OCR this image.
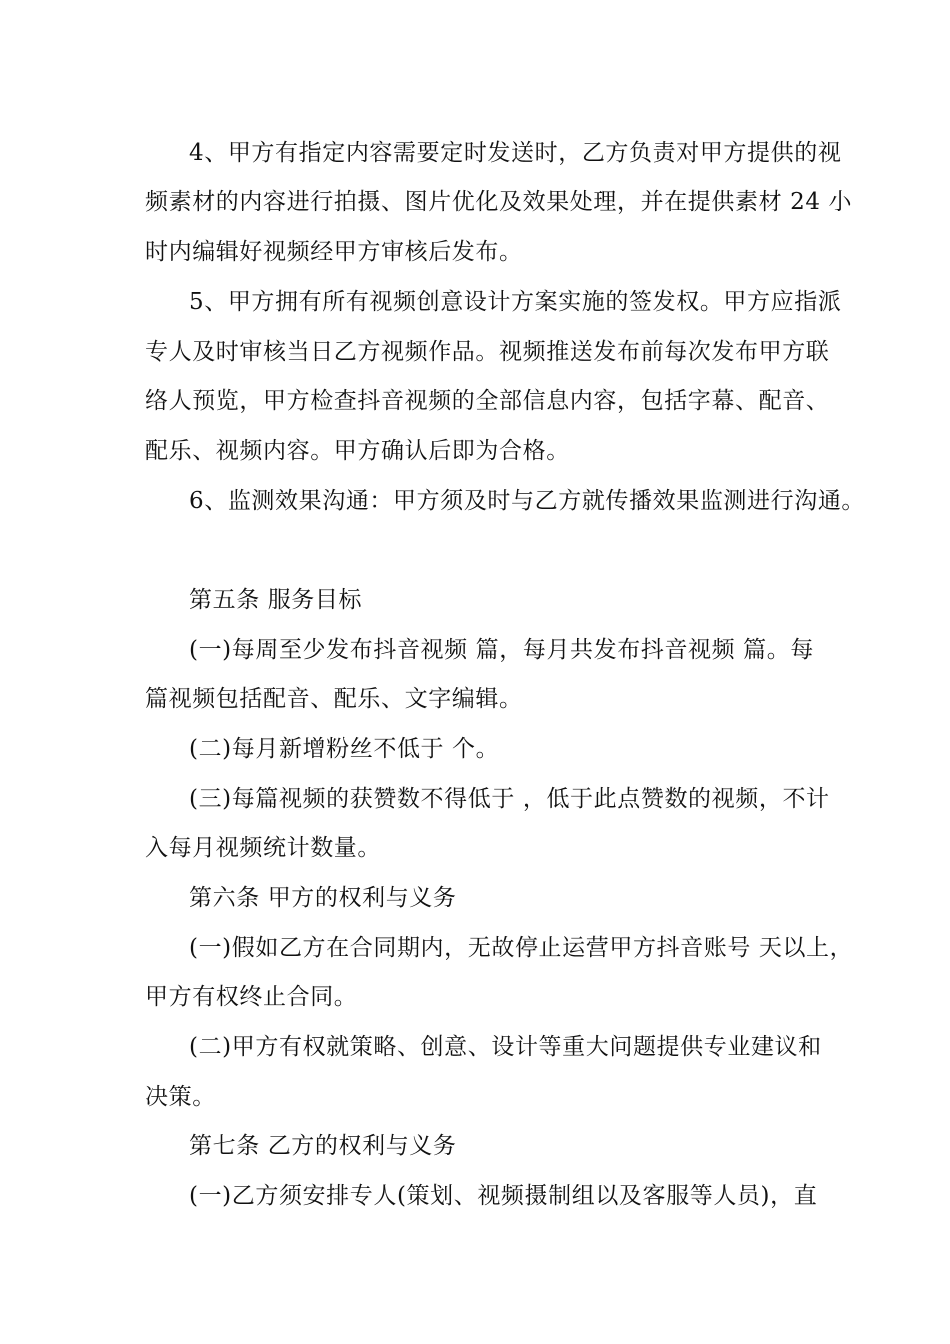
4、甲方有指定内容需要定时发送时，乙方负责对甲方提供的视
频素材的内容进行拍摄、图片优化及效果处理，并在提供素材 24 小
时内编辑好视频经甲方审核后发布。
5、甲方拥有所有视频创意设计方案实施的签发权。甲方应指派
专人及时审核当日乙方视频作品。视频推送发布前每次发布甲方联
络人预览，甲方检查抖音视频的全部信息内容，包括字幕、配音、
配乐、视频内容。甲方确认后即为合格。
6、监测效果沟通：甲方须及时与乙方就传播效果监测进行沟通。
第五条 服务目标
(一)每周至少发布抖音视频 篇，每月共发布抖音视频 篇。每
篇视频包括配音、配乐、文字编辑。
(二)每月新增粉丝不低于 个。
(三)每篇视频的获赞数不得低于 ，低于此点赞数的视频，不计
入每月视频统计数量。
第六条 甲方的权利与义务
(一)假如乙方在合同期内，无故停止运营甲方抖音账号 天以上，
甲方有权终止合同。
(二)甲方有权就策略、创意、设计等重大问题提供专业建议和
决策。
第七条 乙方的权利与义务
(一)乙方须安排专人(策划、视频摄制组以及客服等人员)，直
